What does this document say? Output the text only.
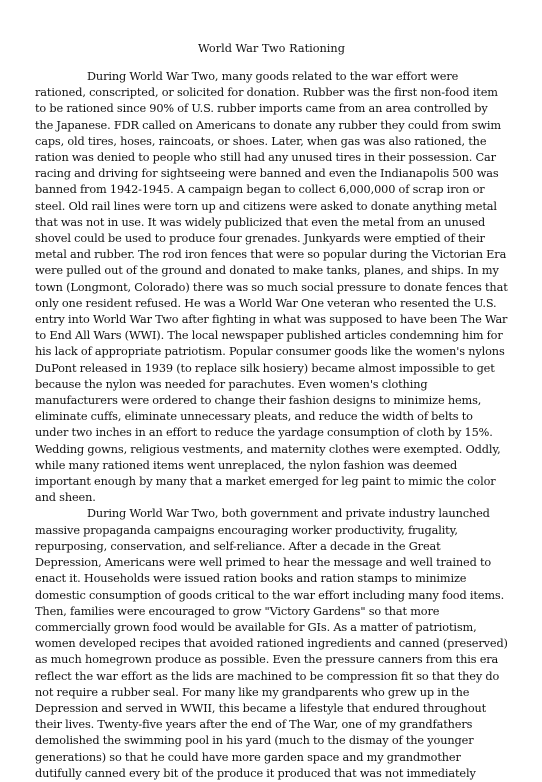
World War Two Rationing

During World War Two, many goods related to the war effort were rationed, conscripted, or solicited for donation. Rubber was the first non-food item to be rationed since 90% of U.S. rubber imports came from an area controlled by the Japanese. FDR called on Americans to donate any rubber they could from swim caps, old tires, hoses, raincoats, or shoes. Later, when gas was also rationed, the ration was denied to people who still had any unused tires in their possession. Car racing and driving for sightseeing were banned and even the Indianapolis 500 was banned from 1942-1945. A campaign began to collect 6,000,000 of scrap iron or steel. Old rail lines were torn up and citizens were asked to donate anything metal that was not in use. It was widely publicized that even the metal from an unused shovel could be used to produce four grenades. Junkyards were emptied of their metal and rubber. The rod iron fences that were so popular during the Victorian Era were pulled out of the ground and donated to make tanks, planes, and ships. In my town (Longmont, Colorado) there was so much social pressure to donate fences that only one resident refused. He was a World War One veteran who resented the U.S. entry into World War Two after fighting in what was supposed to have been The War to End All Wars (WWI). The local newspaper published articles condemning him for his lack of appropriate patriotism. Popular consumer goods like the women's nylons DuPont released in 1939 (to replace silk hosiery) became almost impossible to get because the nylon was needed for parachutes. Even women's clothing manufacturers were ordered to change their fashion designs to minimize hems, eliminate cuffs, eliminate unnecessary pleats, and reduce the width of belts to under two inches in an effort to reduce the yardage consumption of cloth by 15%. Wedding gowns, religious vestments, and maternity clothes were exempted. Oddly, while many rationed items went unreplaced, the nylon fashion was deemed important enough by many that a market emerged for leg paint to mimic the color and sheen.

During World War Two, both government and private industry launched massive propaganda campaigns encouraging worker productivity, frugality, repurposing, conservation, and self-reliance. After a decade in the Great Depression, Americans were well primed to hear the message and well trained to enact it. Households were issued ration books and ration stamps to minimize domestic consumption of goods critical to the war effort including many food items. Then, families were encouraged to grow "Victory Gardens" so that more commercially grown food would be available for GIs. As a matter of patriotism, women developed recipes that avoided rationed ingredients and canned (preserved) as much homegrown produce as possible. Even the pressure canners from this era reflect the war effort as the lids are machined to be compression fit so that they do not require a rubber seal. For many like my grandparents who grew up in the Depression and served in WWII, this became a lifestyle that endured throughout their lives. Twenty-five years after the end of The War, one of my grandfathers demolished the swimming pool in his yard (much to the dismay of the younger generations) so that he could have more garden space and my grandmother dutifully canned every bit of the produce it produced that was not immediately
